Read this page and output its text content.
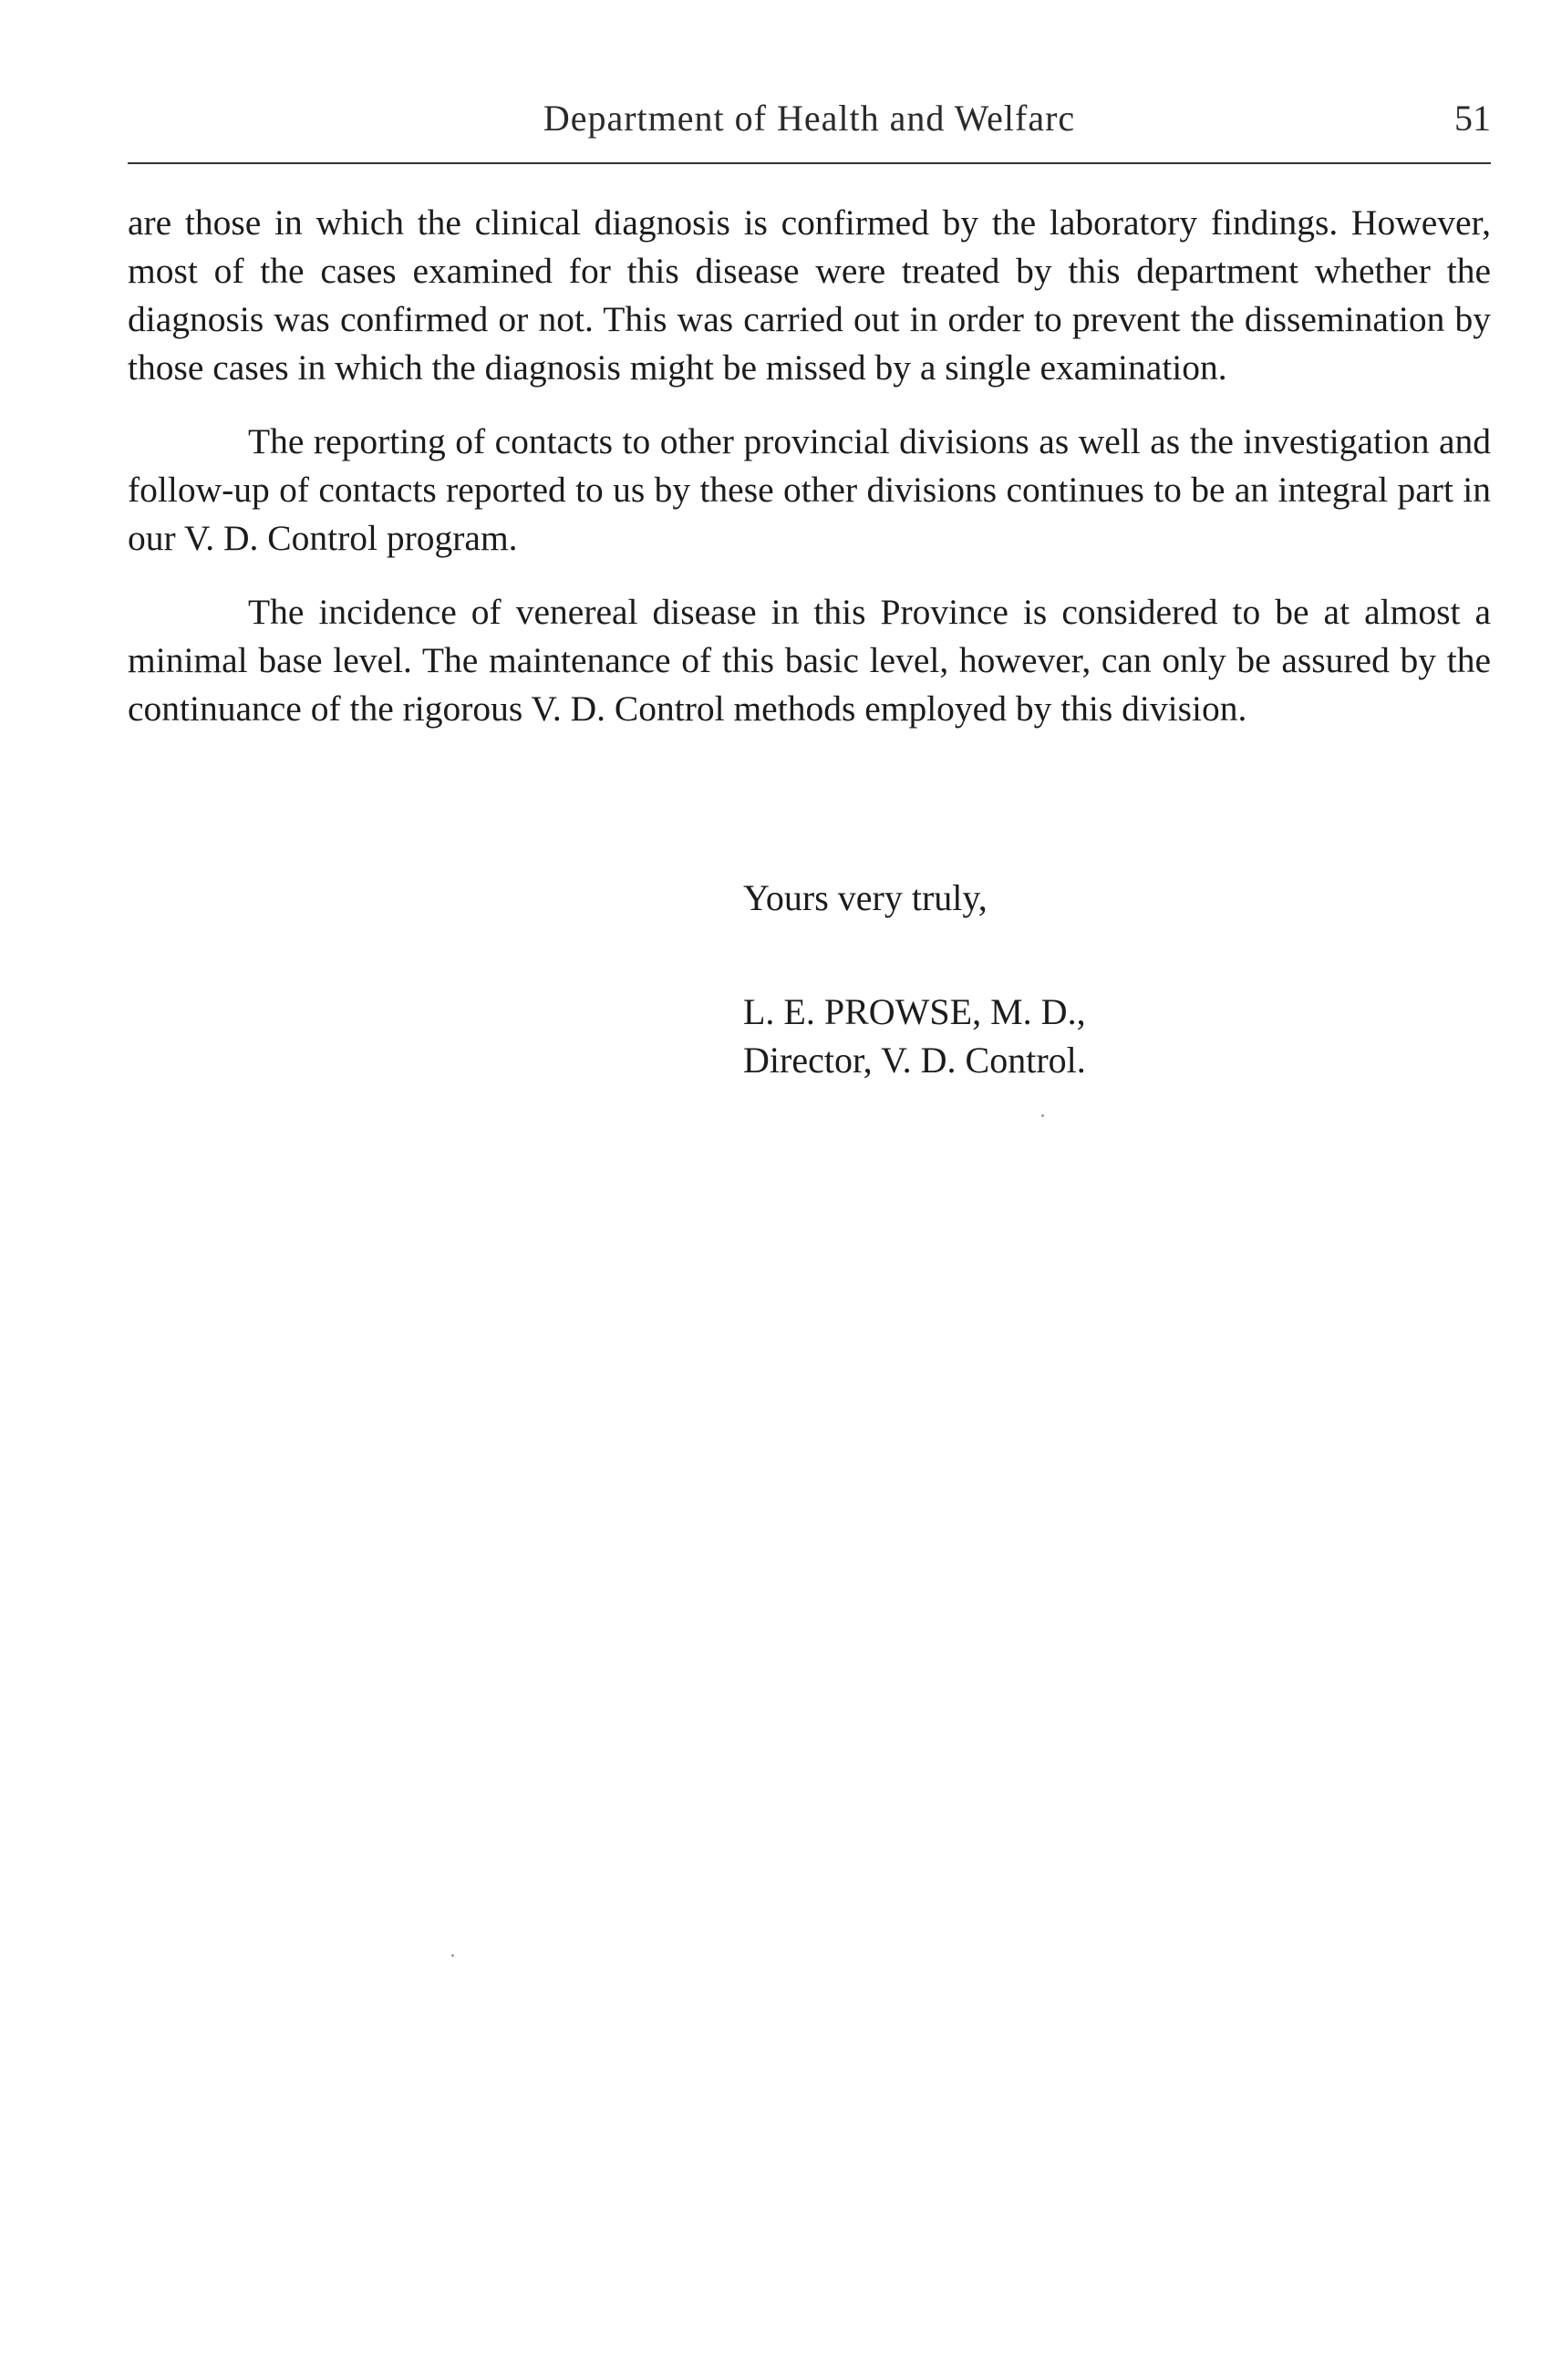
Department of Health and Welfarc	51

are those in which the clinical diagnosis is confirmed by the laboratory findings. However, most of the cases examined for this disease were treated by this department whether the diagnosis was confirmed or not. This was carried out in order to prevent the dissemination by those cases in which the diagnosis might be missed by a single examination.

The reporting of contacts to other provincial divisions as well as the investigation and follow-up of contacts reported to us by these other divisions continues to be an integral part in our V. D. Control program.

The incidence of venereal disease in this Province is considered to be at almost a minimal base level. The maintenance of this basic level, however, can only be assured by the continuance of the rigorous V. D. Control methods employed by this division.

Yours very truly,
L. E. PROWSE, M. D.,
Director, V. D. Control.
